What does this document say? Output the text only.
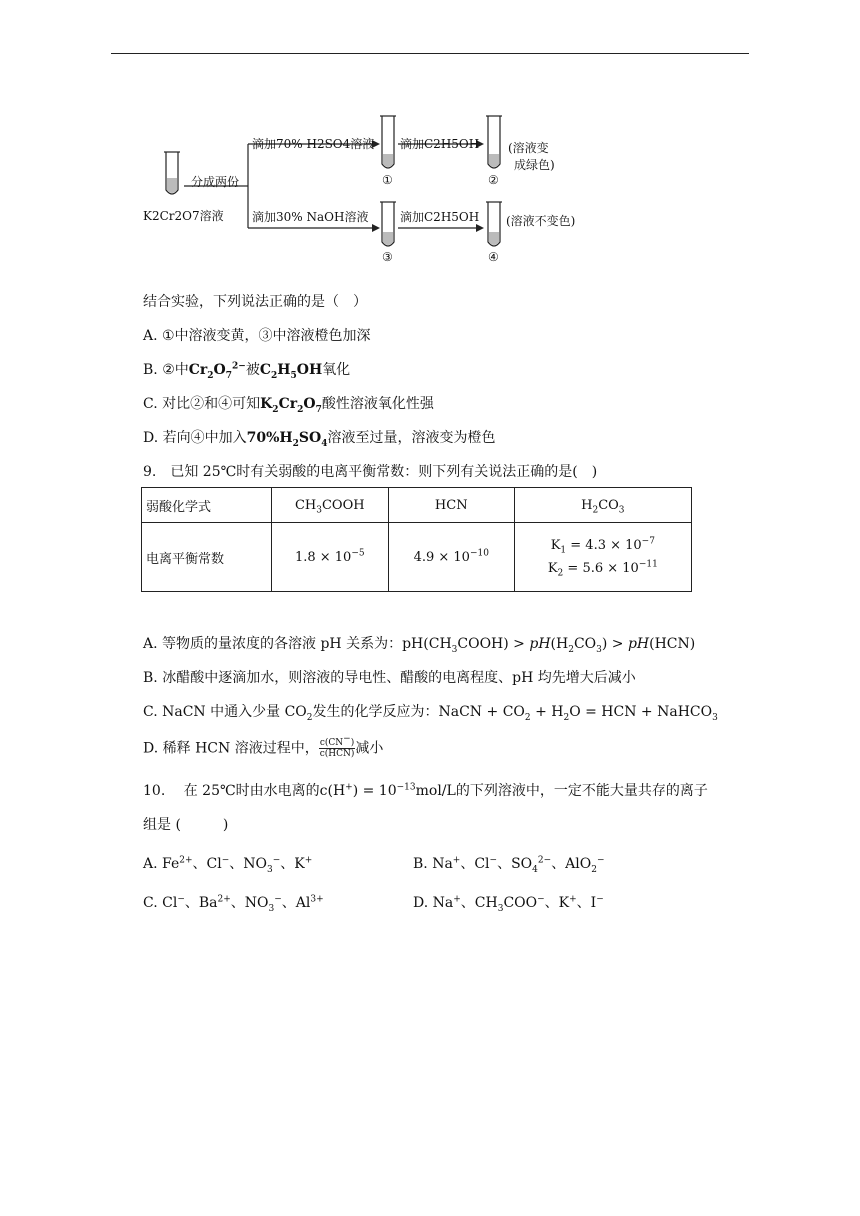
K2Cr2O7溶液
分成两份
滴加70% H2SO4溶液 滴加C2H5OH (溶液变
成绿色)
滴加30% NaOH溶液	滴加C2H5OH (溶液不变色)
①	②
③	④
结合实验，下列说法正确的是（　）
A. ①中溶液变黄，③中溶液橙色加深
B. ②中$Cr_2O_7^{2-}$被$C_2H_5OH$氧化
C. 对比②和④可知$K_2Cr_2O_7$酸性溶液氧化性强
D. 若向④中加入$70\%H_2SO_4$溶液至过量，溶液变为橙色
9.　已知 25℃时有关弱酸的电离平衡常数：则下列有关说法正确的是(　)
弱酸化学式	$CH_3COOH$	HCN	$H_2CO_3$
电离平衡常数	$1.8 \times 10^{-5}$	$4.9 \times 10^{-10}$	$K_1 = 4.3 \times 10^{-7}$
$K_2 = 5.6 \times 10^{-11}$
A. 等物质的量浓度的各溶液 pH 关系为：$pH(CH_3COOH) > pH(H_2CO_3) > pH(HCN)$
B. 冰醋酸中逐滴加水，则溶液的导电性、醋酸的电离程度、pH 均先增大后减小
C. NaCN 中通入少量 $CO_2$发生的化学反应为：NaCN + $CO_2 + H_2O$ = HCN + NaHCO$_3$
D. 稀释 HCN 溶液过程中， $\frac{c(CN^-)}{\text{c(HCN)}}$ 减小
10.　 在 25℃时由水电离的$c(H^+) = 10^{-13}mol/L$的下列溶液中，一定不能大量共存的离子
组是 (　　　)
A. $Fe^{2+}$、Cl−、$NO_3^-$、K+	B. Na+、Cl−、$SO_4^{2-}$、AlO$_2$−
C. Cl−、$Ba^{2+}$、$NO_3^-$、$Al^{3+}$	D. Na+、$CH_3COO^-$、K+、I−
